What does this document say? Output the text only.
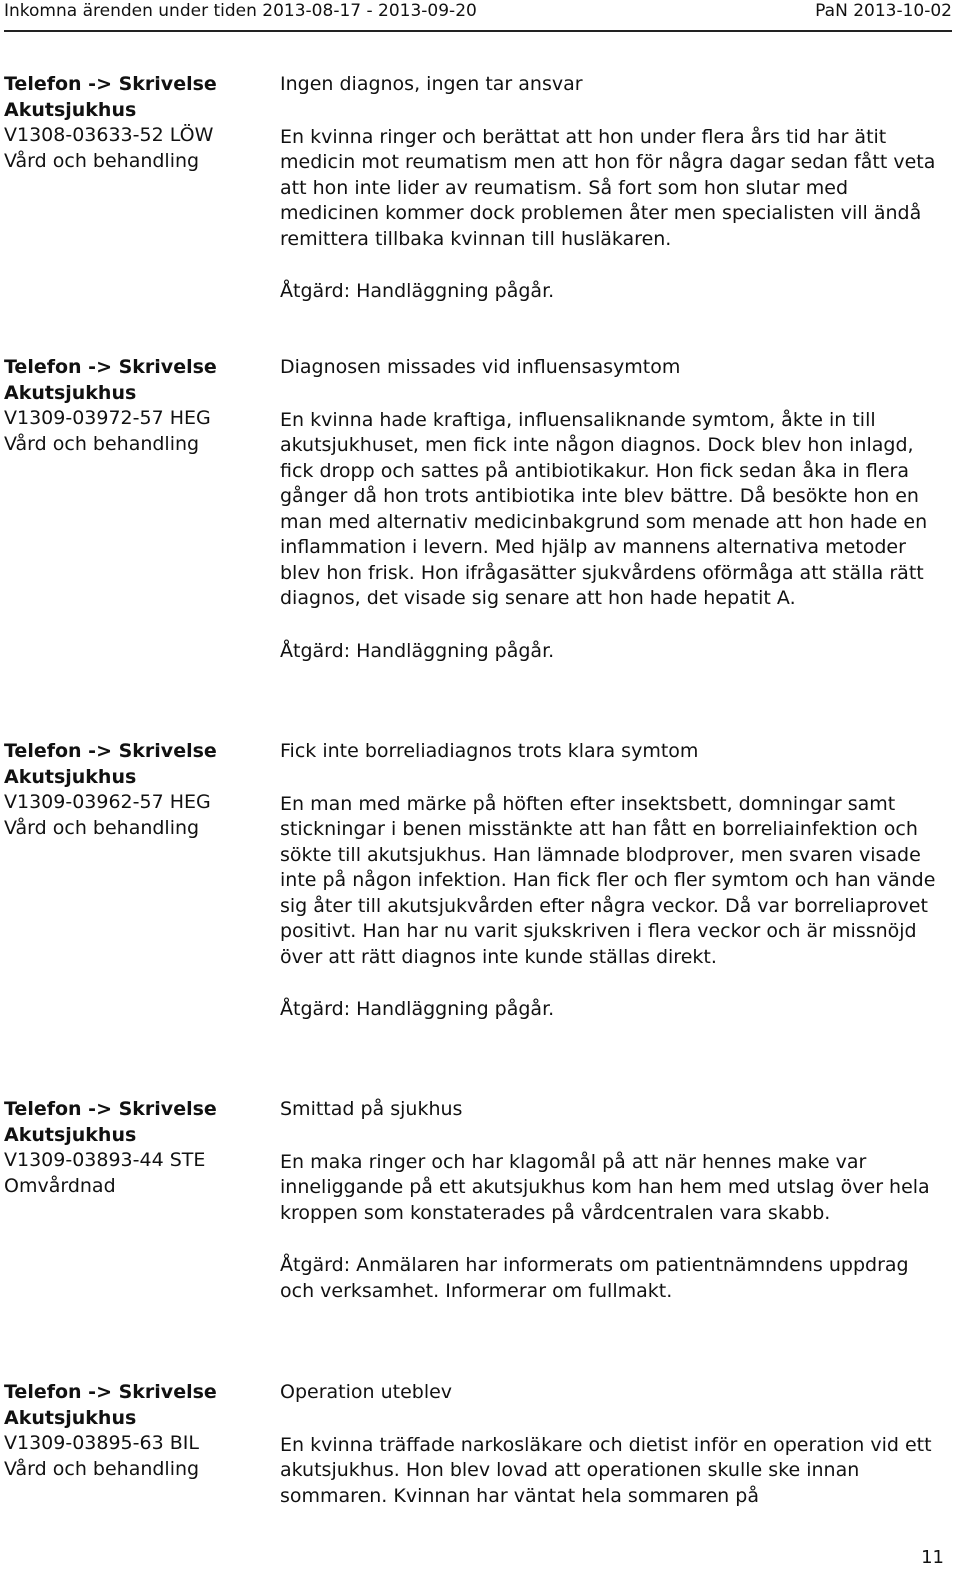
Inkomna ärenden under tiden 2013-08-17 - 2013-09-20	PaN 2013-10-02
Telefon -> Skrivelse
Akutsjukhus
V1308-03633-52 LÖW
Vård och behandling

Ingen diagnos, ingen tar ansvar

En kvinna ringer och berättat att hon under flera års tid har ätit medicin mot reumatism men att hon för några dagar sedan fått veta att hon inte lider av reumatism. Så fort som hon slutar med medicinen kommer dock problemen åter men specialisten vill ändå remittera tillbaka kvinnan till husläkaren.

Åtgärd: Handläggning pågår.

Telefon -> Skrivelse
Akutsjukhus
V1309-03972-57 HEG
Vård och behandling

Diagnosen missades vid influensasymtom

En kvinna hade kraftiga, influensaliknande symtom, åkte in till akutsjukhuset, men fick inte någon diagnos. Dock blev hon inlagd, fick dropp och sattes på antibiotikakur. Hon fick sedan åka in flera gånger då hon trots antibiotika inte blev bättre. Då besökte hon en man med alternativ medicinbakgrund som menade att hon hade en inflammation i levern. Med hjälp av mannens alternativa metoder blev hon frisk. Hon ifrågasätter sjukvårdens oförmåga att ställa rätt diagnos, det visade sig senare att hon hade hepatit A.

Åtgärd: Handläggning pågår.

Telefon -> Skrivelse
Akutsjukhus
V1309-03962-57 HEG
Vård och behandling

Fick inte borreliadiagnos trots klara symtom

En man med märke på höften efter insektsbett, domningar samt stickningar i benen misstänkte att han fått en borreliainfektion och sökte till akutsjukhus. Han lämnade blodprover, men svaren visade inte på någon infektion. Han fick fler och fler symtom och han vände sig åter till akutsjukvården efter några veckor. Då var borreliaprovet positivt. Han har nu varit sjukskriven i flera veckor och är missnöjd över att rätt diagnos inte kunde ställas direkt.

Åtgärd: Handläggning pågår.

Telefon -> Skrivelse
Akutsjukhus
V1309-03893-44 STE
Omvårdnad

Smittad på sjukhus

En maka ringer och har klagomål på att när hennes make var inneliggande på ett akutsjukhus kom han hem med utslag över hela kroppen som konstaterades på vårdcentralen vara skabb.

Åtgärd: Anmälaren har informerats om patientnämndens uppdrag och verksamhet. Informerar om fullmakt.

Telefon -> Skrivelse
Akutsjukhus
V1309-03895-63 BIL
Vård och behandling

Operation uteblev

En kvinna träffade narkosläkare och dietist inför en operation vid ett akutsjukhus. Hon blev lovad att operationen skulle ske innan sommaren. Kvinnan har väntat hela sommaren på

11
